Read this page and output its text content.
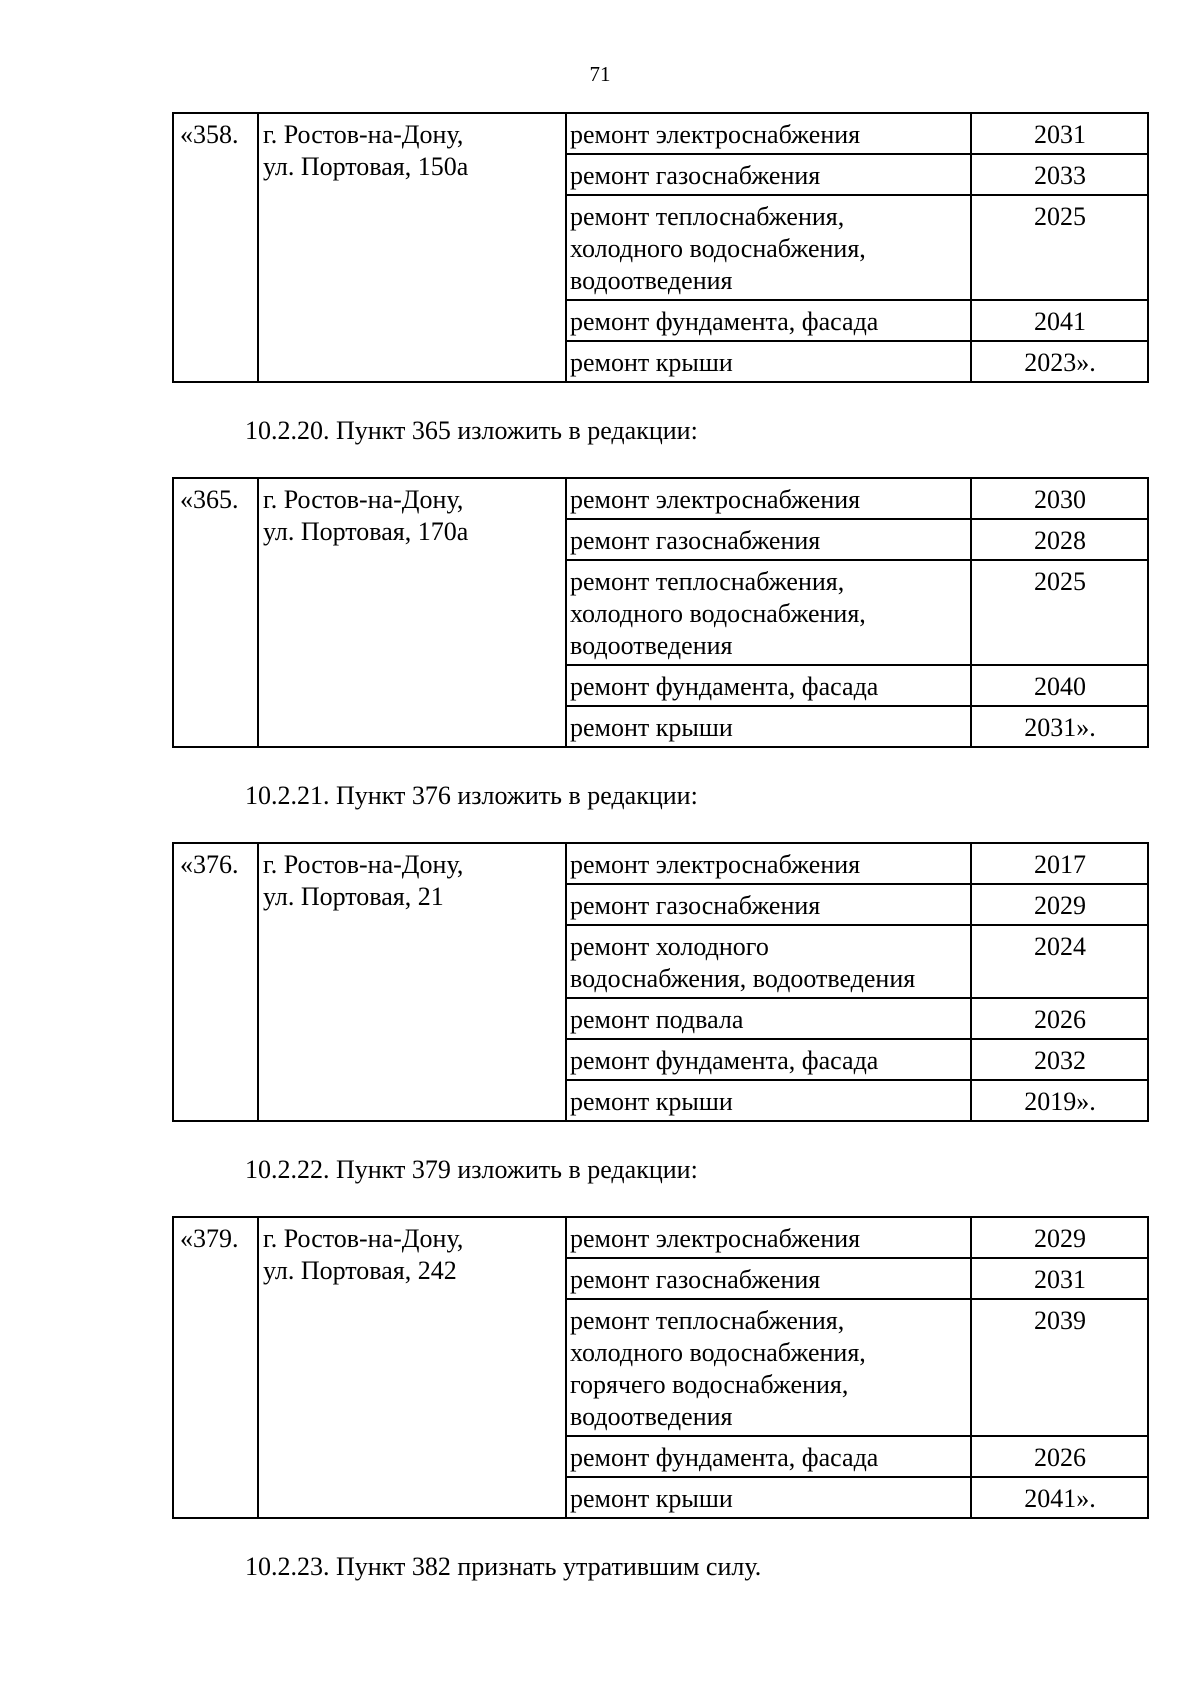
71
«358.	г. Ростов-на-Дону,
ул. Портовая, 150а	ремонт электроснабжения	2031

		ремонт газоснабжения	2033

		ремонт теплоснабжения,
холодного водоснабжения,
водоотведения	2025

		ремонт фундамента, фасада	2041

		ремонт крыши	2023».
10.2.20. Пункт 365 изложить в редакции:
«365.	г. Ростов-на-Дону,
ул. Портовая, 170а	ремонт электроснабжения	2030

		ремонт газоснабжения	2028

		ремонт теплоснабжения,
холодного водоснабжения,
водоотведения	2025

		ремонт фундамента, фасада	2040

		ремонт крыши	2031».
10.2.21. Пункт 376 изложить в редакции:
«376.	г. Ростов-на-Дону,
ул. Портовая, 21	ремонт электроснабжения	2017

		ремонт газоснабжения	2029

		ремонт холодного
водоснабжения, водоотведения	2024

		ремонт подвала	2026

		ремонт фундамента, фасада	2032

		ремонт крыши	2019».
10.2.22. Пункт 379 изложить в редакции:
«379.	г. Ростов-на-Дону,
ул. Портовая, 242	ремонт электроснабжения	2029

		ремонт газоснабжения	2031

		ремонт теплоснабжения,
холодного водоснабжения,
горячего водоснабжения,
водоотведения	2039

		ремонт фундамента, фасада	2026

		ремонт крыши	2041».
10.2.23. Пункт 382 признать утратившим силу.
